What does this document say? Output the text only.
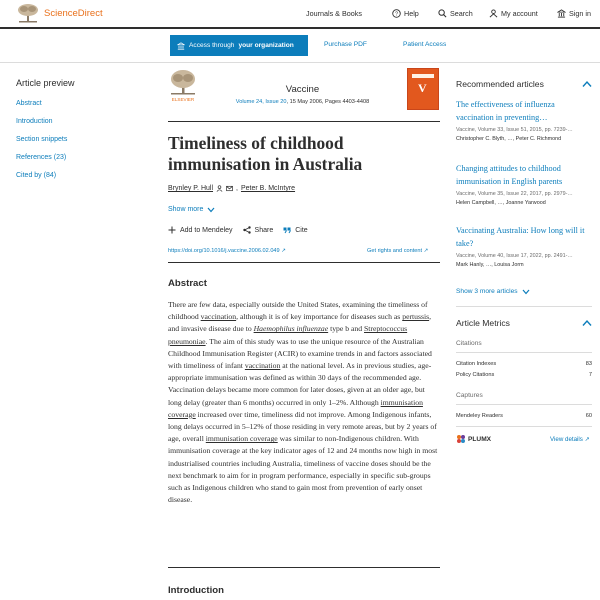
ScienceDirect	Journals & Books	? Help	Search	My account	Sign in
Access through your organization	Purchase PDF	Patient Access
Article preview
Abstract
Introduction
Section snippets
References (23)
Cited by (84)
ELSEVIER
Vaccine
Volume 24, Issue 20, 15 May 2006, Pages 4403-4408
V
Timeliness of childhood immunisation in Australia
Brynley P. Hull	, Peter B. McIntyre
Show more
Add to Mendeley	Share	Cite
https://doi.org/10.1016/j.vaccine.2006.02.049 ↗	Get rights and content ↗
Abstract

There are few data, especially outside the United States, examining the timeliness of childhood vaccination, although it is of key importance for diseases such as pertussis, and invasive disease due to Haemophilus influenzae type b and Streptococcus pneumoniae. The aim of this study was to use the unique resource of the Australian Childhood Immunisation Register (ACIR) to examine trends in and factors associated with timeliness of infant vaccination at the national level. As in previous studies, age-appropriate immunisation was defined as within 30 days of the recommended age. Vaccination delays became more common for later doses, given at an older age, but long delay (greater than 6 months) occurred in only 1–2%. Although immunisation coverage increased over time, timeliness did not improve. Among Indigenous infants, long delays occurred in 5–12% of those residing in very remote areas, but by 2 years of age, overall immunisation coverage was similar to non-Indigenous children. With immunisation coverage at the key indicator ages of 12 and 24 months now high in most industrialised countries including Australia, timeliness of vaccine doses should be the next benchmark to aim for in program performance, especially in specific sub-groups such as Indigenous children who stand to gain most from prevention of early onset disease.

Introduction
Recommended articles
The effectiveness of influenza vaccination in preventing…
Vaccine, Volume 33, Issue 51, 2015, pp. 7239-…
Christopher C. Blyth, …, Peter C. Richmond
Changing attitudes to childhood immunisation in English parents
Vaccine, Volume 35, Issue 22, 2017, pp. 2979-…
Helen Campbell, …, Joanne Yarwood
Vaccinating Australia: How long will it take?
Vaccine, Volume 40, Issue 17, 2022, pp. 2491-…
Mark Hanly, …, Louisa Jorm
Show 3 more articles
Article Metrics
Citations
Citation Indexes	83
Policy Citations	7
Captures
Mendeley Readers	60
PLUMX	View details ↗
